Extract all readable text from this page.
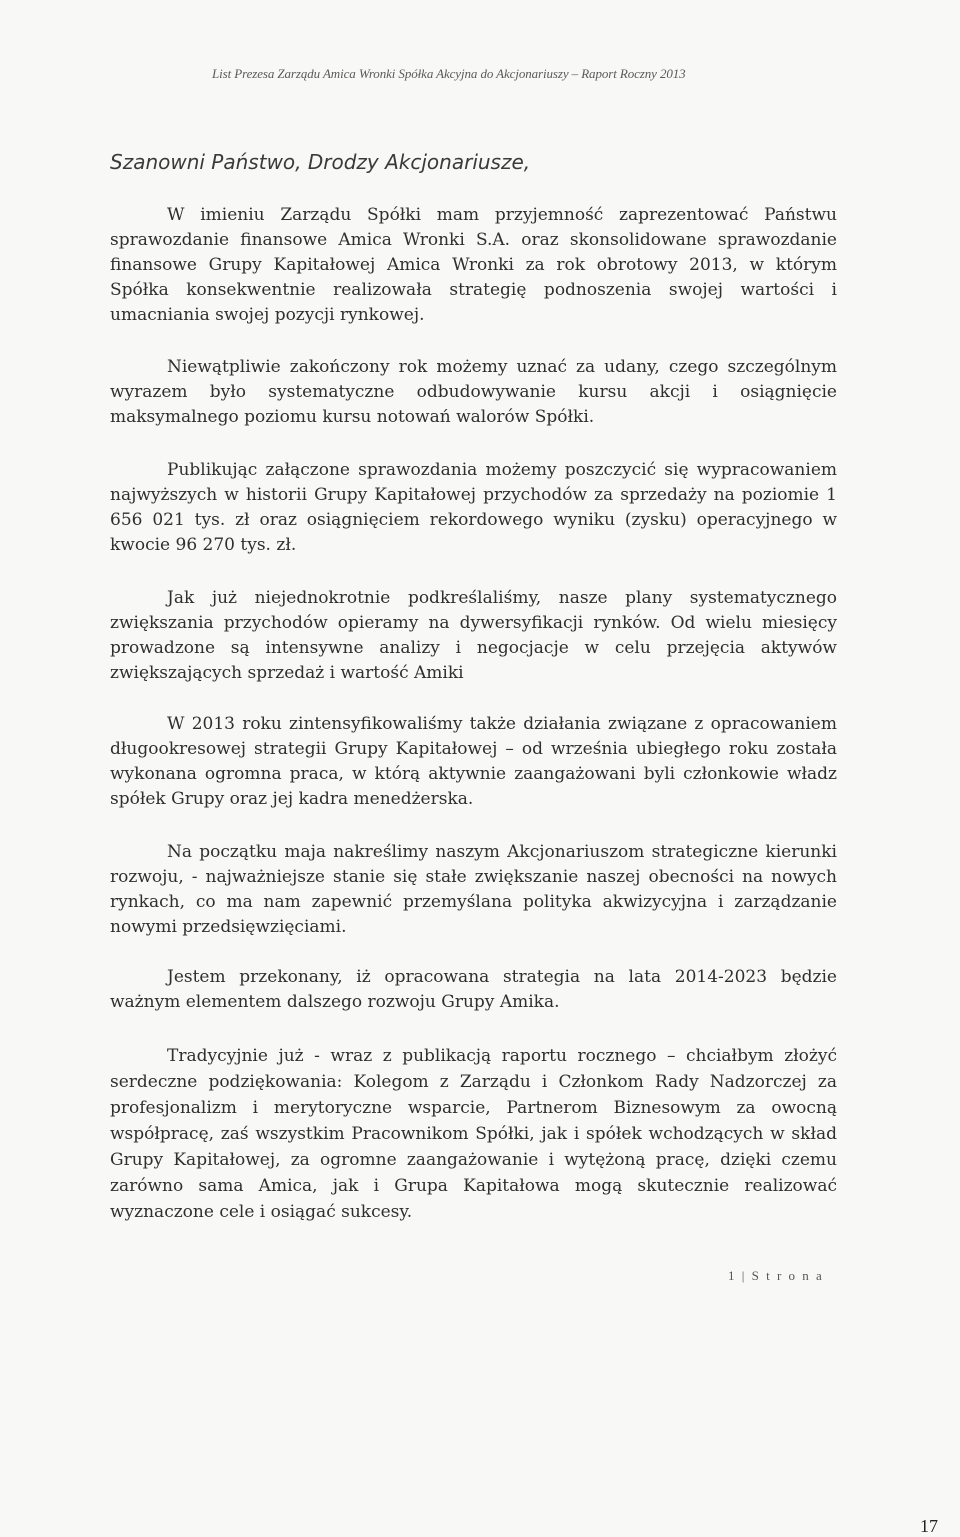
List Prezesa Zarządu Amica Wronki Spółka Akcyjna do Akcjonariuszy – Raport Roczny 2013
Szanowni Państwo, Drodzy Akcjonariusze,

W imieniu Zarządu Spółki mam przyjemność zaprezentować Państwu sprawozdanie finansowe Amica Wronki S.A. oraz skonsolidowane sprawozdanie finansowe Grupy Kapitałowej Amica Wronki za rok obrotowy 2013, w którym Spółka konsekwentnie realizowała strategię podnoszenia swojej wartości i umacniania swojej pozycji rynkowej.

Niewątpliwie zakończony rok możemy uznać za udany, czego szczególnym wyrazem było systematyczne odbudowywanie kursu akcji i osiągnięcie maksymalnego poziomu kursu notowań walorów Spółki.

Publikując załączone sprawozdania możemy poszczycić się wypracowaniem najwyższych w historii Grupy Kapitałowej przychodów za sprzedaży na poziomie 1 656 021 tys. zł oraz osiągnięciem rekordowego wyniku (zysku) operacyjnego w kwocie 96 270 tys. zł.

Jak już niejednokrotnie podkreślaliśmy, nasze plany systematycznego zwiększania przychodów opieramy na dywersyfikacji rynków. Od wielu miesięcy prowadzone są intensywne analizy i negocjacje w celu przejęcia aktywów zwiększających sprzedaż i wartość Amiki

W 2013 roku zintensyfikowaliśmy także działania związane z opracowaniem długookresowej strategii Grupy Kapitałowej – od września ubiegłego roku została wykonana ogromna praca, w którą aktywnie zaangażowani byli członkowie władz spółek Grupy oraz jej kadra menedżerska.

Na początku maja nakreślimy naszym Akcjonariuszom strategiczne kierunki rozwoju, - najważniejsze stanie się stałe zwiększanie naszej obecności na nowych rynkach, co ma nam zapewnić przemyślana polityka akwizycyjna i zarządzanie nowymi przedsięwzięciami.

Jestem przekonany, iż opracowana strategia na lata 2014-2023 będzie ważnym elementem dalszego rozwoju Grupy Amika.

Tradycyjnie już - wraz z publikacją raportu rocznego – chciałbym złożyć serdeczne podziękowania: Kolegom z Zarządu i Członkom Rady Nadzorczej za profesjonalizm i merytoryczne wsparcie, Partnerom Biznesowym za owocną współpracę, zaś wszystkim Pracownikom Spółki, jak i spółek wchodzących w skład Grupy Kapitałowej, za ogromne zaangażowanie i wytężoną pracę, dzięki czemu zarówno sama Amica, jak i Grupa Kapitałowa mogą skutecznie realizować wyznaczone cele i osiągać sukcesy.

1 | S t r o n a
17
